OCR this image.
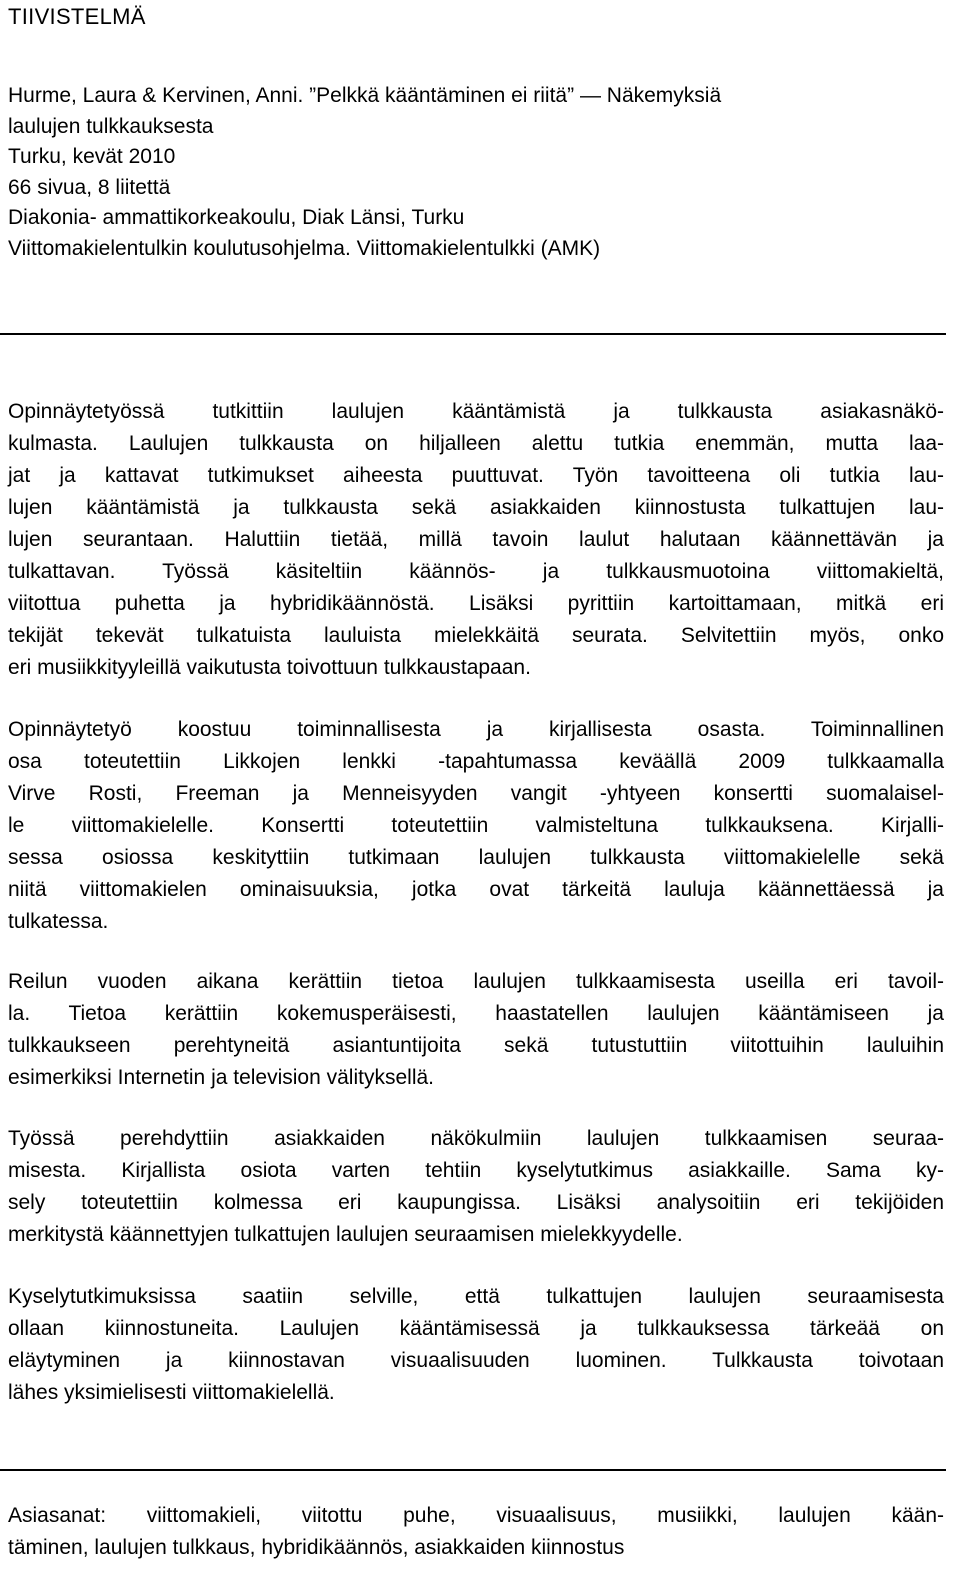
TIIVISTELMÄ
Hurme, Laura & Kervinen, Anni. ”Pelkkä kääntäminen ei riitä” — Näkemyksiä
laulujen tulkkauksesta
Turku, kevät 2010
66 sivua, 8 liitettä
Diakonia- ammattikorkeakoulu, Diak Länsi, Turku
Viittomakielentulkin koulutusohjelma. Viittomakielentulkki (AMK)
Opinnäytetyössä tutkittiin laulujen kääntämistä ja tulkkausta asiakasnäkö-
kulmasta. Laulujen tulkkausta on hiljalleen alettu tutkia enemmän, mutta laa-
jat ja kattavat tutkimukset aiheesta puuttuvat. Työn tavoitteena oli tutkia lau-
lujen kääntämistä ja tulkkausta sekä asiakkaiden kiinnostusta tulkattujen lau-
lujen seurantaan. Haluttiin tietää, millä tavoin laulut halutaan käännettävän ja
tulkattavan. Työssä käsiteltiin käännös- ja tulkkausmuotoina viittomakieltä,
viitottua puhetta ja hybridikäännöstä. Lisäksi pyrittiin kartoittamaan, mitkä eri
tekijät tekevät tulkatuista lauluista mielekkäitä seurata. Selvitettiin myös, onko
eri musiikkityyleillä vaikutusta toivottuun tulkkaustapaan.
Opinnäytetyö koostuu toiminnallisesta ja kirjallisesta osasta. Toiminnallinen
osa toteutettiin Likkojen lenkki -tapahtumassa keväällä 2009 tulkkaamalla
Virve Rosti, Freeman ja Menneisyyden vangit -yhtyeen konsertti suomalaisel-
le viittomakielelle. Konsertti toteutettiin valmisteltuna tulkkauksena. Kirjalli-
sessa osiossa keskityttiin tutkimaan laulujen tulkkausta viittomakielelle sekä
niitä viittomakielen ominaisuuksia, jotka ovat tärkeitä lauluja käännettäessä ja
tulkatessa.
Reilun vuoden aikana kerättiin tietoa laulujen tulkkaamisesta useilla eri tavoil-
la. Tietoa kerättiin kokemusperäisesti, haastatellen laulujen kääntämiseen ja
tulkkaukseen perehtyneitä asiantuntijoita sekä tutustuttiin viitottuihin lauluihin
esimerkiksi Internetin ja television välityksellä.
Työssä perehdyttiin asiakkaiden näkökulmiin laulujen tulkkaamisen seuraa-
misesta. Kirjallista osiota varten tehtiin kyselytutkimus asiakkaille. Sama ky-
sely toteutettiin kolmessa eri kaupungissa. Lisäksi analysoitiin eri tekijöiden
merkitystä käännettyjen tulkattujen laulujen seuraamisen mielekkyydelle.
Kyselytutkimuksissa saatiin selville, että tulkattujen laulujen seuraamisesta
ollaan kiinnostuneita. Laulujen kääntämisessä ja tulkkauksessa tärkeää on
eläytyminen ja kiinnostavan visuaalisuuden luominen. Tulkkausta toivotaan
lähes yksimielisesti viittomakielellä.
Asiasanat: viittomakieli, viitottu puhe, visuaalisuus, musiikki, laulujen kään-
täminen, laulujen tulkkaus, hybridikäännös, asiakkaiden kiinnostus
